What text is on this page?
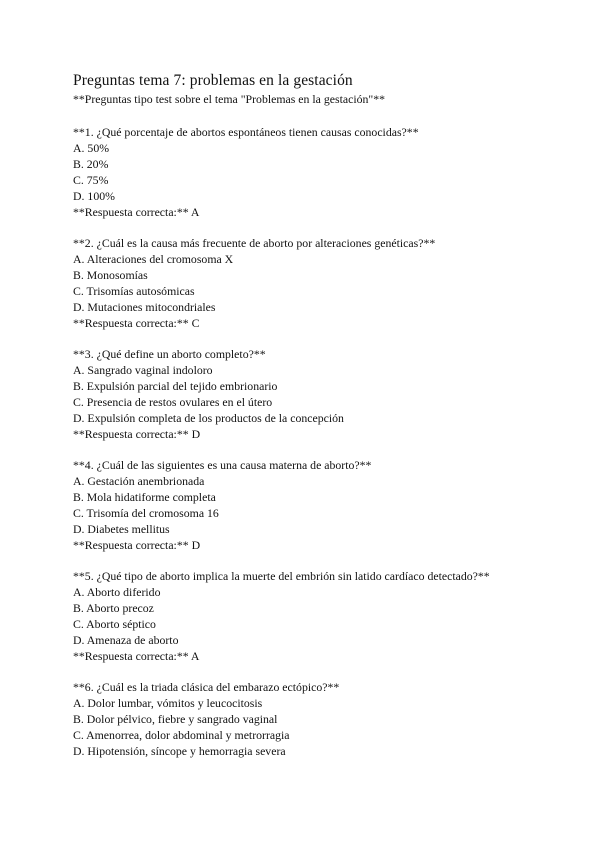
Preguntas tema 7: problemas en la gestación
**Preguntas tipo test sobre el tema "Problemas en la gestación"**
**1. ¿Qué porcentaje de abortos espontáneos tienen causas conocidas?**
A. 50%
B. 20%
C. 75%
D. 100%
**Respuesta correcta:** A
**2. ¿Cuál es la causa más frecuente de aborto por alteraciones genéticas?**
A. Alteraciones del cromosoma X
B. Monosomías
C. Trisomías autosómicas
D. Mutaciones mitocondriales
**Respuesta correcta:** C
**3. ¿Qué define un aborto completo?**
A. Sangrado vaginal indoloro
B. Expulsión parcial del tejido embrionario
C. Presencia de restos ovulares en el útero
D. Expulsión completa de los productos de la concepción
**Respuesta correcta:** D
**4. ¿Cuál de las siguientes es una causa materna de aborto?**
A. Gestación anembrionada
B. Mola hidatiforme completa
C. Trisomía del cromosoma 16
D. Diabetes mellitus
**Respuesta correcta:** D
**5. ¿Qué tipo de aborto implica la muerte del embrión sin latido cardíaco detectado?**
A. Aborto diferido
B. Aborto precoz
C. Aborto séptico
D. Amenaza de aborto
**Respuesta correcta:** A
**6. ¿Cuál es la triada clásica del embarazo ectópico?**
A. Dolor lumbar, vómitos y leucocitosis
B. Dolor pélvico, fiebre y sangrado vaginal
C. Amenorrea, dolor abdominal y metrorragia
D. Hipotensión, síncope y hemorragia severa
